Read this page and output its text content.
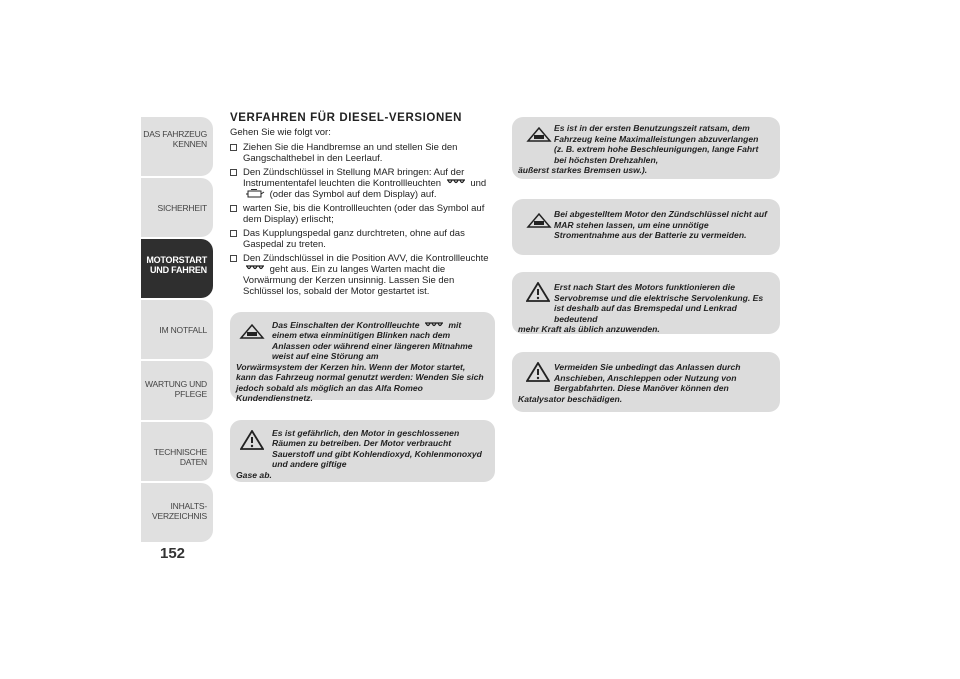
DAS FAHRZEUG
KENNEN
SICHERHEIT
MOTORSTART
UND FAHREN
IM NOTFALL
WARTUNG UND
PFLEGE
TECHNISCHE DATEN
INHALTS-
VERZEICHNIS
152
VERFAHREN FÜR DIESEL-VERSIONEN
Gehen Sie wie folgt vor:
Ziehen Sie die Handbremse an und stellen Sie den Gangschalthebel in den Leerlauf.
Den Zündschlüssel in Stellung MAR bringen: Auf der Instrumententafel leuchten die Kontrollleuchten	und  (oder das Symbol auf dem Display) auf.
warten Sie, bis die Kontrollleuchten (oder das Symbol auf dem Display) erlischt;
Das Kupplungspedal ganz durchtreten, ohne auf das Gaspedal zu treten.
Den Zündschlüssel in die Position AVV, die Kontrollleuchte  geht aus. Ein zu langes Warten macht die Vorwärmung der Kerzen unsinnig. Lassen Sie den Schlüssel los, sobald der Motor gestartet ist.
Das Einschalten der Kontrollleuchte	mit einem etwa einminütigen Blinken nach dem Anlassen oder während einer längeren Mitnahme weist auf eine Störung am
Vorwärmsystem der Kerzen hin. Wenn der Motor startet, kann das Fahrzeug normal genutzt werden: Wenden Sie sich jedoch sobald als möglich an das Alfa Romeo Kundendienstnetz.
Es ist gefährlich, den Motor in geschlossenen Räumen zu betreiben. Der Motor verbraucht Sauerstoff und gibt Kohlendioxyd, Kohlenmonoxyd und andere giftige
Gase ab.
Es ist in der ersten Benutzungszeit ratsam, dem Fahrzeug keine Maximalleistungen abzuverlangen (z. B. extrem hohe Beschleunigungen, lange Fahrt bei höchsten Drehzahlen,
äußerst starkes Bremsen usw.).
Bei abgestelltem Motor den Zündschlüssel nicht auf MAR stehen lassen, um eine unnötige Stromentnahme aus der Batterie zu vermeiden.
Erst nach Start des Motors funktionieren die Servobremse und die elektrische Servolenkung. Es ist deshalb auf das Bremspedal und Lenkrad bedeutend
mehr Kraft als üblich anzuwenden.
Vermeiden Sie unbedingt das Anlassen durch Anschieben, Anschleppen oder Nutzung von Bergabfahrten. Diese Manöver können den
Katalysator beschädigen.
